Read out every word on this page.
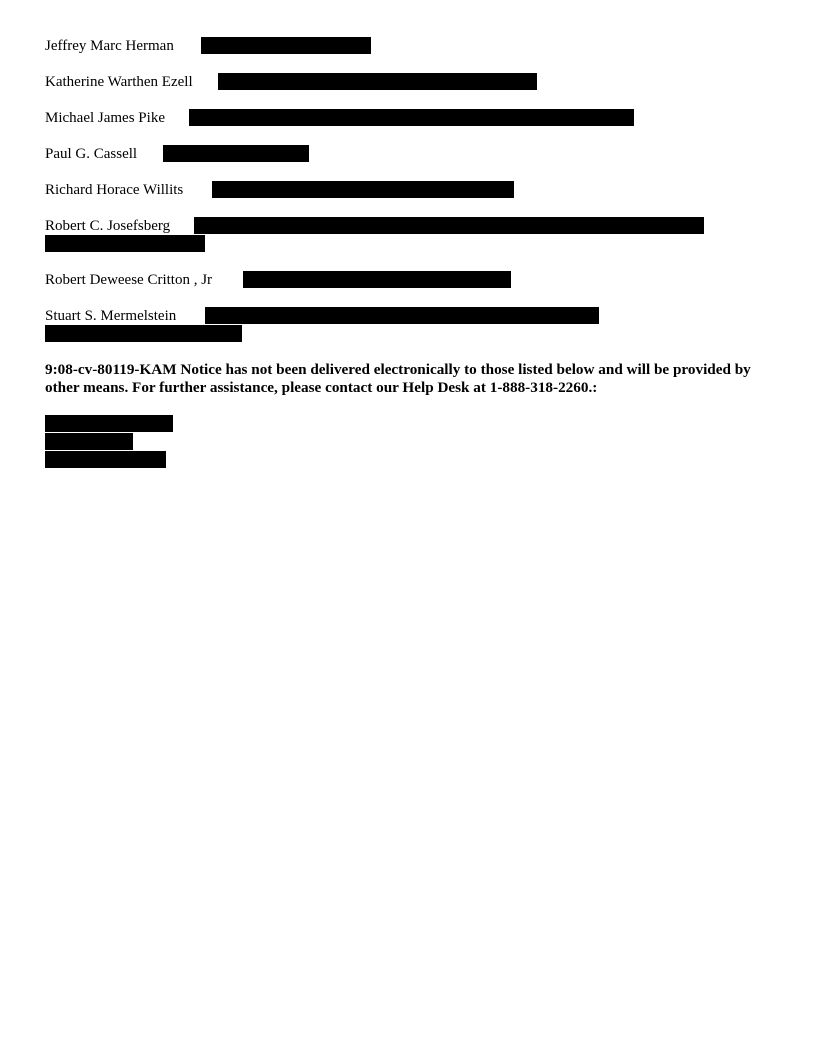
Jeffrey Marc Herman
Katherine Warthen Ezell
Michael James Pike
Paul G. Cassell
Richard Horace Willits
Robert C. Josefsberg
Robert Deweese Critton , Jr
Stuart S. Mermelstein
9:08-cv-80119-KAM Notice has not been delivered electronically to those listed below and will be provided by other means. For further assistance, please contact our Help Desk at 1-888-318-2260.:
